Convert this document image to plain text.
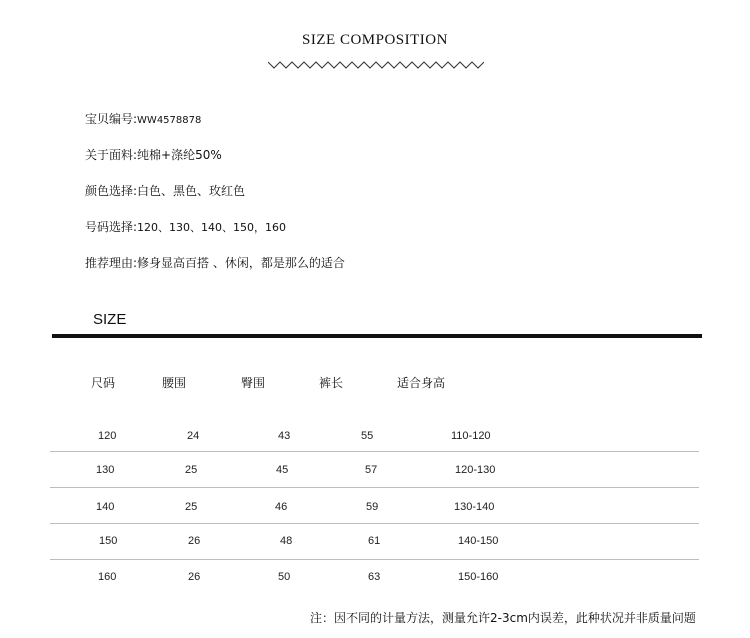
SIZE COMPOSITION
宝贝编号:WW4578878
关于面料:纯棉+涤纶50%
颜色选择:白色、黑色、玫红色
号码选择:120、130、140、150，160
推荐理由:修身显高百搭 、休闲，都是那么的适合
SIZE
尺码	腰围	臀围	裤长	适合身高
120	24	43	55	110-120
130	25	45	57	120-130
140	25	46	59	130-140
150	26	48	61	140-150
160	26	50	63	150-160
注：因不同的计量方法，测量允许2-3cm内误差，此种状况并非质量问题
